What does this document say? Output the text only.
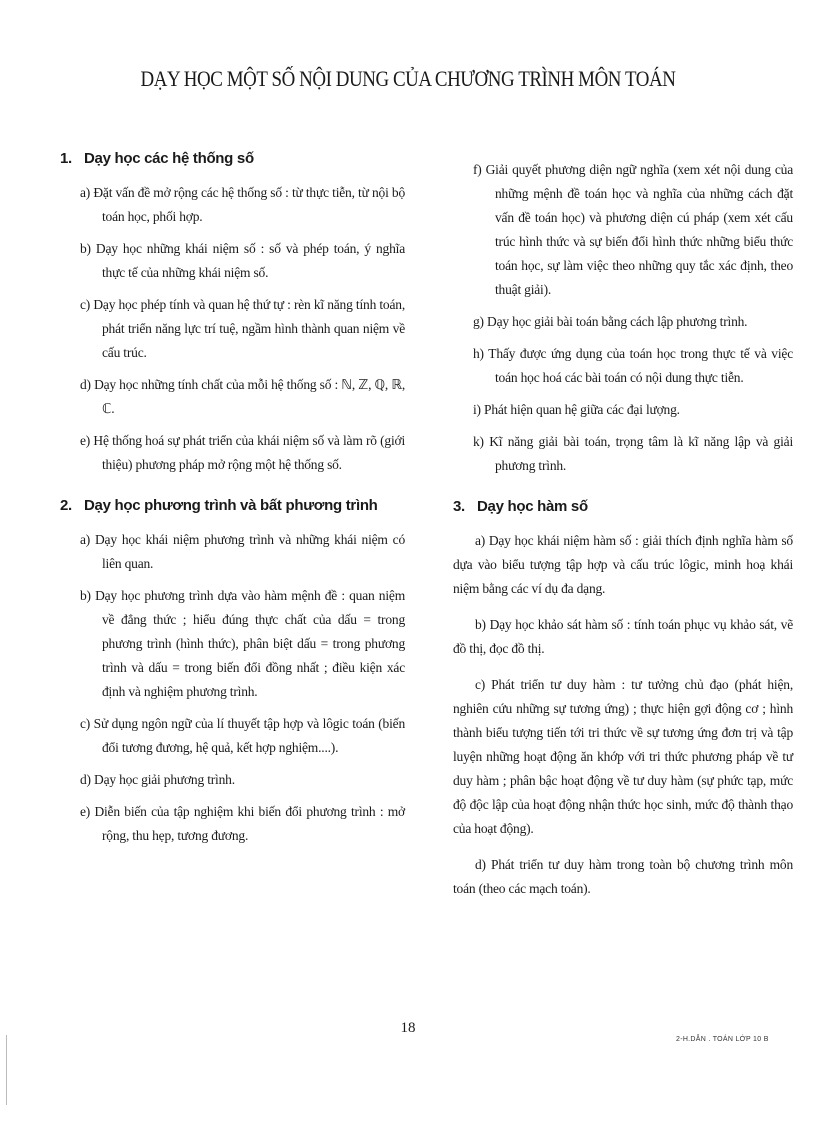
DẠY HỌC MỘT SỐ NỘI DUNG CỦA CHƯƠNG TRÌNH MÔN TOÁN
1. Dạy học các hệ thống số

a) Đặt vấn đề mở rộng các hệ thống số : từ thực tiễn, từ nội bộ toán học, phối hợp.

b) Dạy học những khái niệm số : số và phép toán, ý nghĩa thực tế của những khái niệm số.

c) Dạy học phép tính và quan hệ thứ tự : rèn kĩ năng tính toán, phát triển năng lực trí tuệ, ngầm hình thành quan niệm về cấu trúc.

d) Dạy học những tính chất của mỗi hệ thống số : ℕ, ℤ, ℚ, ℝ, ℂ.

e) Hệ thống hoá sự phát triển của khái niệm số và làm rõ (giới thiệu) phương pháp mở rộng một hệ thống số.

2. Dạy học phương trình và bất phương trình

a) Dạy học khái niệm phương trình và những khái niệm có liên quan.

b) Dạy học phương trình dựa vào hàm mệnh đề : quan niệm về đẳng thức ; hiểu đúng thực chất của dấu = trong phương trình (hình thức), phân biệt dấu = trong phương trình và dấu = trong biến đổi đồng nhất ; điều kiện xác định và nghiệm phương trình.

c) Sử dụng ngôn ngữ của lí thuyết tập hợp và lôgic toán (biến đổi tương đương, hệ quả, kết hợp nghiệm....).

d) Dạy học giải phương trình.

e) Diễn biến của tập nghiệm khi biến đổi phương trình : mở rộng, thu hẹp, tương đương.

f) Giải quyết phương diện ngữ nghĩa (xem xét nội dung của những mệnh đề toán học và nghĩa của những cách đặt vấn đề toán học) và phương diện cú pháp (xem xét cấu trúc hình thức và sự biến đổi hình thức những biểu thức toán học, sự làm việc theo những quy tắc xác định, theo thuật giải).

g) Dạy học giải bài toán bằng cách lập phương trình.

h) Thấy được ứng dụng của toán học trong thực tế và việc toán học hoá các bài toán có nội dung thực tiễn.

i) Phát hiện quan hệ giữa các đại lượng.

k) Kĩ năng giải bài toán, trọng tâm là kĩ năng lập và giải phương trình.

3. Dạy học hàm số

a) Dạy học khái niệm hàm số : giải thích định nghĩa hàm số dựa vào biểu tượng tập hợp và cấu trúc lôgic, minh hoạ khái niệm bằng các ví dụ đa dạng.

b) Dạy học khảo sát hàm số : tính toán phục vụ khảo sát, vẽ đồ thị, đọc đồ thị.

c) Phát triển tư duy hàm : tư tưởng chủ đạo (phát hiện, nghiên cứu những sự tương ứng) ; thực hiện gợi động cơ ; hình thành biểu tượng tiến tới tri thức về sự tương ứng đơn trị và tập luyện những hoạt động ăn khớp với tri thức phương pháp về tư duy hàm ; phân bậc hoạt động về tư duy hàm (sự phức tạp, mức độ độc lập của hoạt động nhận thức học sinh, mức độ thành thạo của hoạt động).

d) Phát triển tư duy hàm trong toàn bộ chương trình môn toán (theo các mạch toán).

18
2-H.DẪN . TOÁN LỚP 10 B
